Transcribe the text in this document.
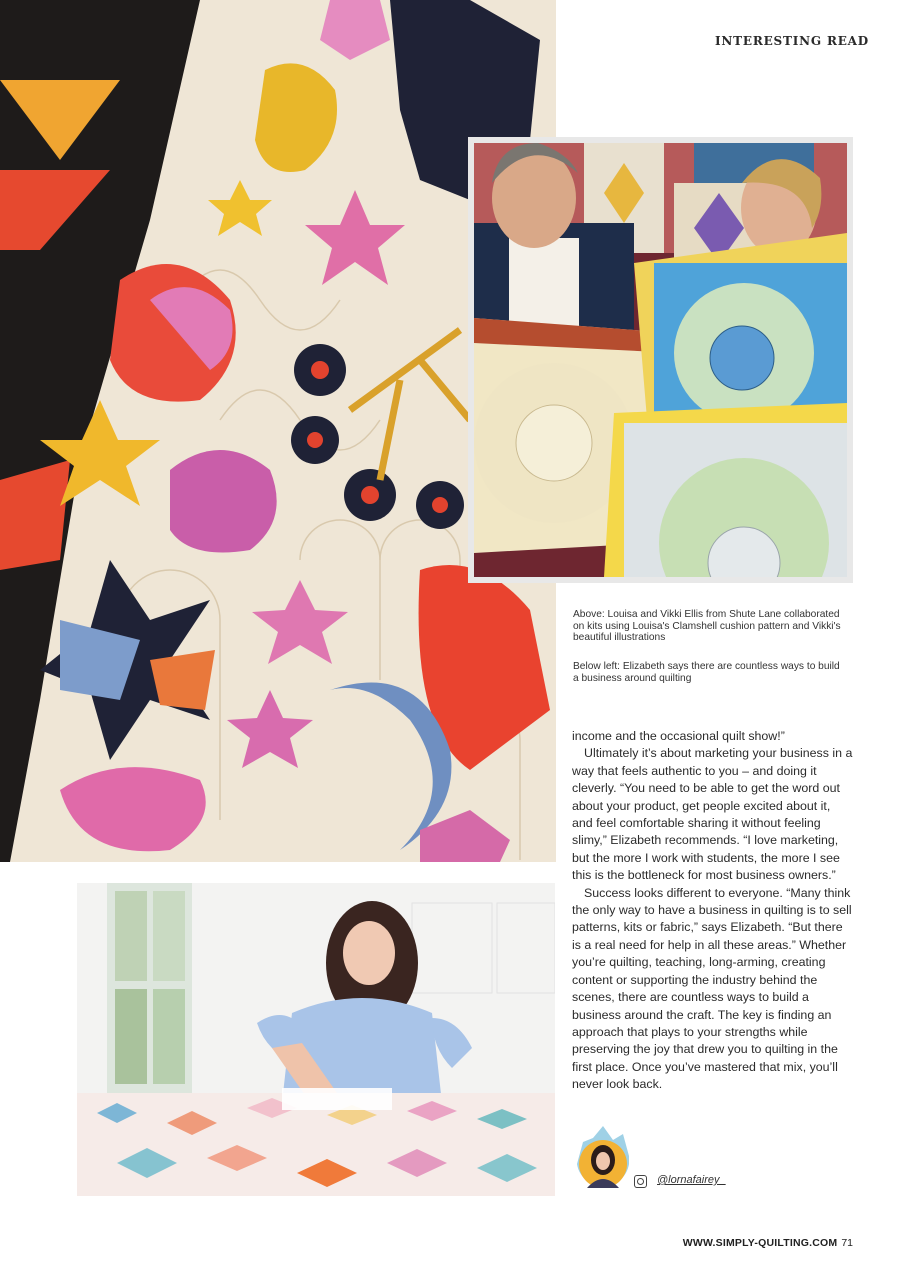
INTERESTING READ
Above: Louisa and Vikki Ellis from Shute Lane collaborated on kits using Louisa's Clamshell cushion pattern and Vikki's beautiful illustrations
Below left: Elizabeth says there are countless ways to build a business around quilting

income and the occasional quilt show!”

Ultimately it’s about marketing your business in a way that feels authentic to you – and doing it cleverly. “You need to be able to get the word out about your product, get people excited about it, and feel comfortable sharing it without feeling slimy,” Elizabeth recommends. “I love marketing, but the more I work with students, the more I see this is the bottleneck for most business owners.”

Success looks different to everyone. “Many think the only way to have a business in quilting is to sell patterns, kits or fabric,” says Elizabeth. “But there is a real need for help in all these areas.” Whether you’re quilting, teaching, long-arming, creating content or supporting the industry behind the scenes, there are countless ways to build a business around the craft. The key is finding an approach that plays to your strengths while preserving the joy that drew you to quilting in the first place. Once you’ve mastered that mix, you’ll never look back.

@lornafairey_
WWW.SIMPLY-QUILTING.COM 71
